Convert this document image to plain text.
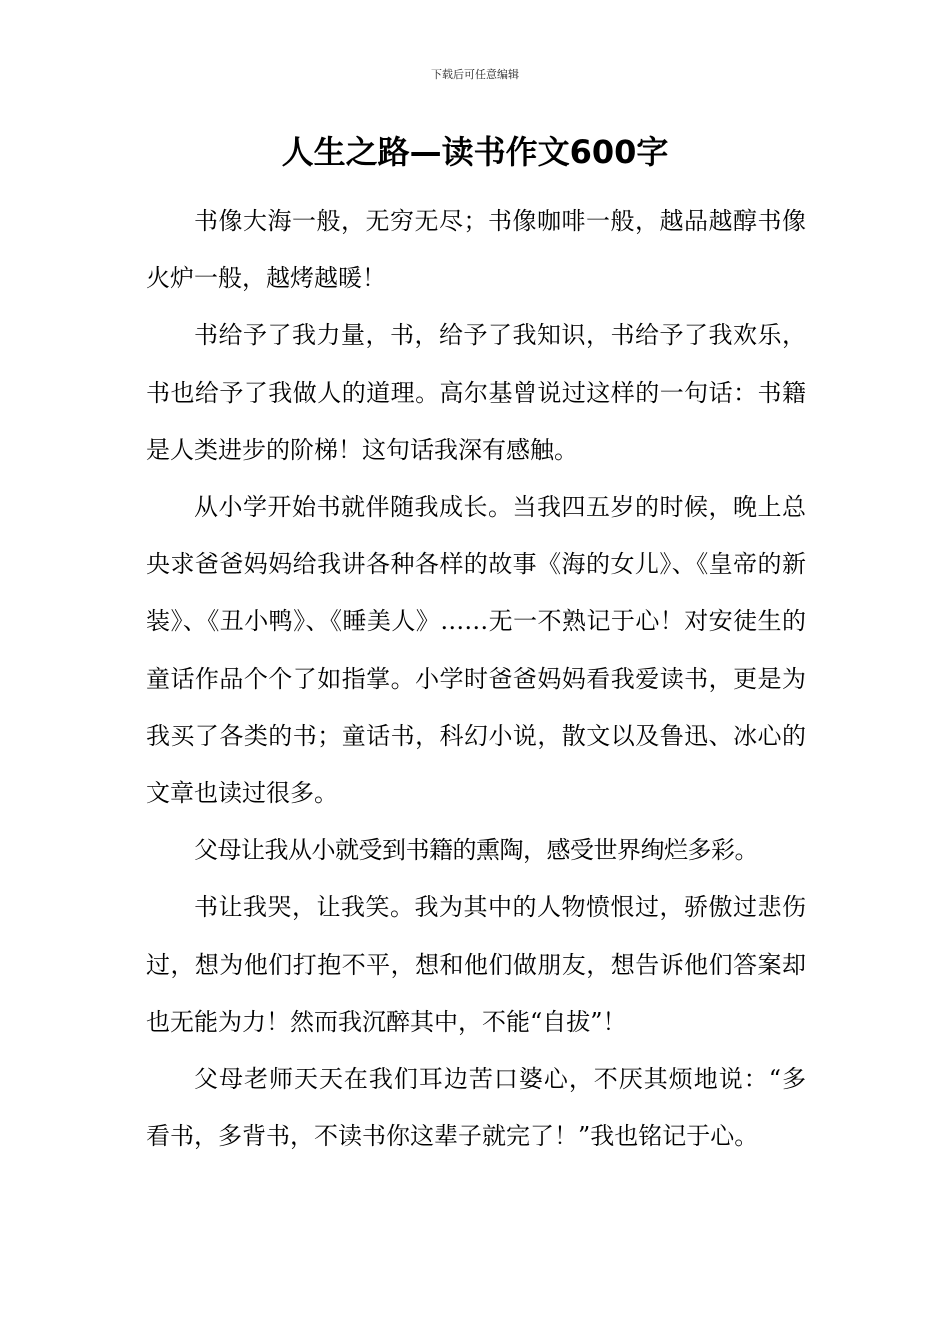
下载后可任意编辑
人生之路—读书作文600字

书像大海一般，无穷无尽；书像咖啡一般，越品越醇书像火炉一般，越烤越暖！

书给予了我力量，书，给予了我知识，书给予了我欢乐，书也给予了我做人的道理。高尔基曾说过这样的一句话：书籍是人类进步的阶梯！这句话我深有感触。

从小学开始书就伴随我成长。当我四五岁的时候，晚上总央求爸爸妈妈给我讲各种各样的故事《海的女儿》、《皇帝的新装》、《丑小鸭》、《睡美人》……无一不熟记于心！对安徒生的童话作品个个了如指掌。小学时爸爸妈妈看我爱读书，更是为我买了各类的书；童话书，科幻小说，散文以及鲁迅、冰心的文章也读过很多。

父母让我从小就受到书籍的熏陶，感受世界绚烂多彩。

书让我哭，让我笑。我为其中的人物愤恨过，骄傲过悲伤过，想为他们打抱不平，想和他们做朋友，想告诉他们答案却也无能为力！然而我沉醉其中，不能“自拔”！

父母老师天天在我们耳边苦口婆心，不厌其烦地说：“多看书，多背书，不读书你这辈子就完了！”我也铭记于心。
